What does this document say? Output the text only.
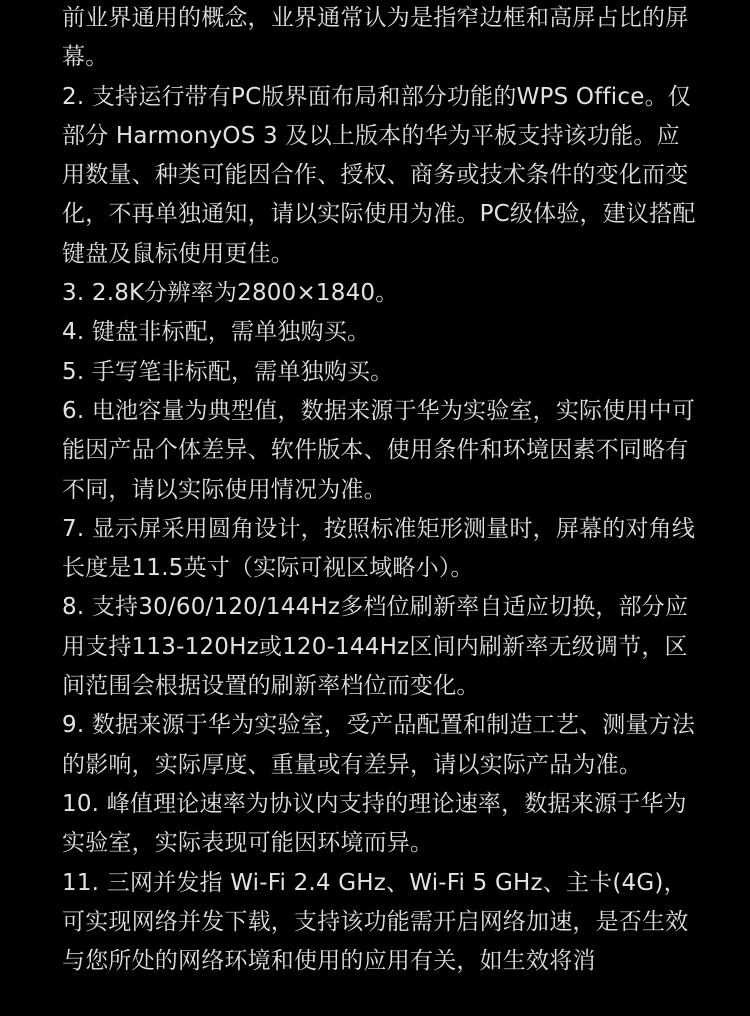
前业界通用的概念，业界通常认为是指窄边框和高屏占比的屏幕。

2. 支持运行带有PC版界面布局和部分功能的WPS Office。仅部分 HarmonyOS 3 及以上版本的华为平板支持该功能。应用数量、种类可能因合作、授权、商务或技术条件的变化而变化，不再单独通知，请以实际使用为准。PC级体验，建议搭配键盘及鼠标使用更佳。

3. 2.8K分辨率为2800×1840。

4. 键盘非标配，需单独购买。

5. 手写笔非标配，需单独购买。

6. 电池容量为典型值，数据来源于华为实验室，实际使用中可能因产品个体差异、软件版本、使用条件和环境因素不同略有不同，请以实际使用情况为准。

7. 显示屏采用圆角设计，按照标准矩形测量时，屏幕的对角线长度是11.5英寸（实际可视区域略小）。

8. 支持30/60/120/144Hz多档位刷新率自适应切换，部分应用支持113-120Hz或120-144Hz区间内刷新率无级调节，区间范围会根据设置的刷新率档位而变化。

9. 数据来源于华为实验室，受产品配置和制造工艺、测量方法的影响，实际厚度、重量或有差异，请以实际产品为准。

10. 峰值理论速率为协议内支持的理论速率，数据来源于华为实验室，实际表现可能因环境而异。

11. 三网并发指 Wi-Fi 2.4 GHz、Wi-Fi 5 GHz、主卡(4G)，可实现网络并发下载，支持该功能需开启网络加速，是否生效与您所处的网络环境和使用的应用有关，如生效将消
